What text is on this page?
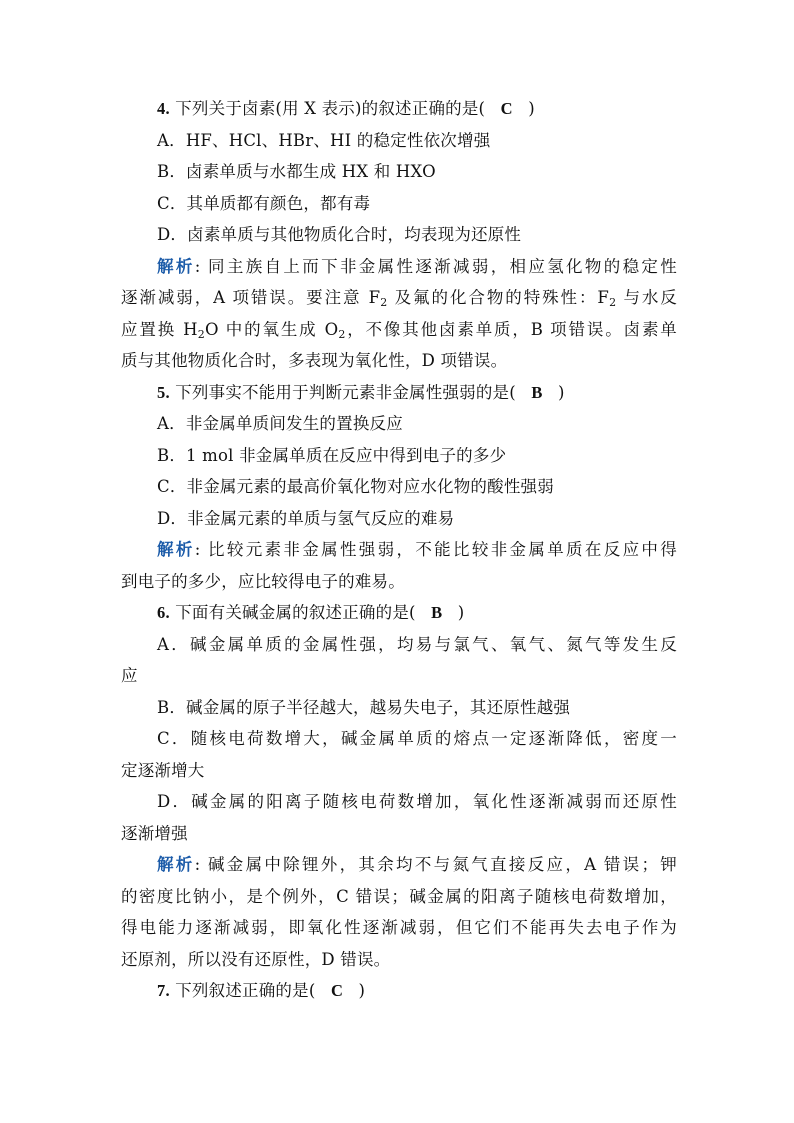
4. 下列关于卤素(用 X 表示)的叙述正确的是( C )
A．HF、HCl、HBr、HI 的稳定性依次增强
B．卤素单质与水都生成 HX 和 HXO
C．其单质都有颜色，都有毒
D．卤素单质与其他物质化合时，均表现为还原性
解析: 同主族自上而下非金属性逐渐减弱，相应氢化物的稳定性
逐渐减弱，A 项错误。要注意 $F_2$ 及氟的化合物的特殊性：$F_2$ 与水反
应置换 $H_2O$ 中的氧生成 $O_2$，不像其他卤素单质，B 项错误。卤素单
质与其他物质化合时，多表现为氧化性，D 项错误。
5. 下列事实不能用于判断元素非金属性强弱的是( B )
A．非金属单质间发生的置换反应
B．1 mol 非金属单质在反应中得到电子的多少
C．非金属元素的最高价氧化物对应水化物的酸性强弱
D．非金属元素的单质与氢气反应的难易
解析: 比较元素非金属性强弱，不能比较非金属单质在反应中得
到电子的多少，应比较得电子的难易。
6. 下面有关碱金属的叙述正确的是( B )
A．碱金属单质的金属性强，均易与氯气、氧气、氮气等发生反
应
B．碱金属的原子半径越大，越易失电子，其还原性越强
C．随核电荷数增大，碱金属单质的熔点一定逐渐降低，密度一
定逐渐增大
D．碱金属的阳离子随核电荷数增加，氧化性逐渐减弱而还原性
逐渐增强
解析: 碱金属中除锂外，其余均不与氮气直接反应，A 错误；钾
的密度比钠小，是个例外，C 错误；碱金属的阳离子随核电荷数增加，
得电能力逐渐减弱，即氧化性逐渐减弱，但它们不能再失去电子作为
还原剂，所以没有还原性，D 错误。
7. 下列叙述正确的是( C )
